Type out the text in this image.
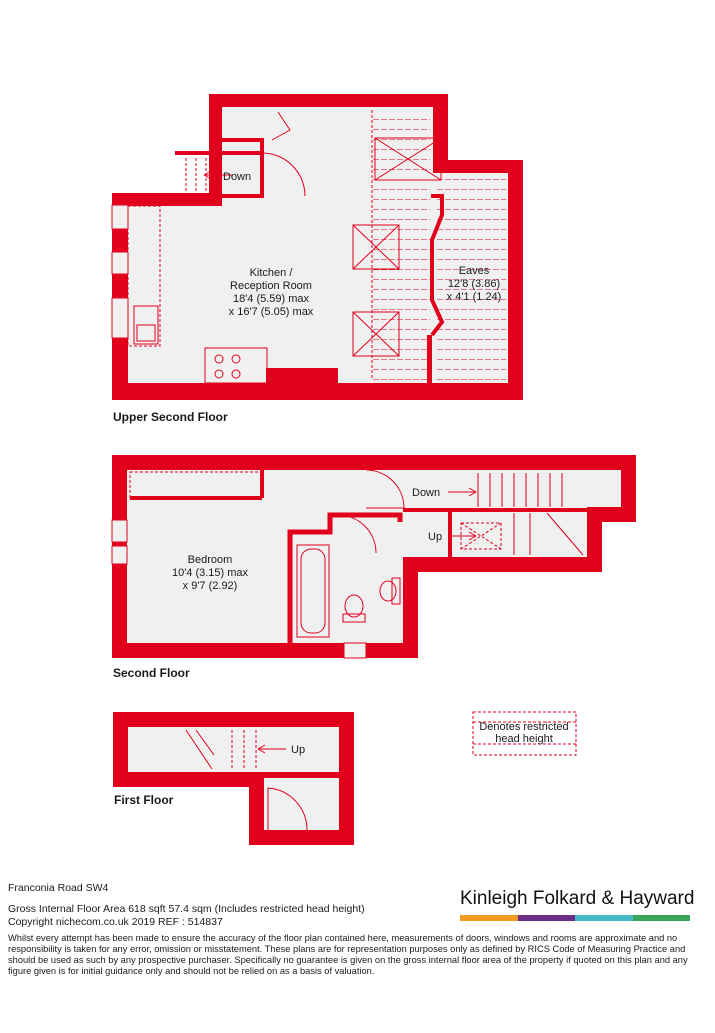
Down
Kitchen /
Reception Room
18'4 (5.59) max
x 16'7 (5.05) max
Eaves
12'8 (3.86)
x 4'1 (1.24)
Upper Second Floor
Down
Up
Bedroom
10'4 (3.15) max
x 9'7 (2.92)
Second Floor
Up
First Floor
Denotes restricted
head height
Franconia Road SW4
Gross Internal Floor Area 618 sqft 57.4 sqm (Includes restricted head height)
Copyright nichecom.co.uk 2019 REF : 514837
Whilst every attempt has been made to ensure the accuracy of the floor plan contained here, measurements of doors, windows and rooms are approximate and no responsibility is taken for any error, omission or misstatement. These plans are for representation purposes only as defined by RICS Code of Measuring Practice and should be used as such by any prospective purchaser. Specifically no guarantee is given on the gross internal floor area of the property if quoted on this plan and any figure given is for initial guidance only and should not be relied on as a basis of valuation.
Kinleigh Folkard & Hayward
